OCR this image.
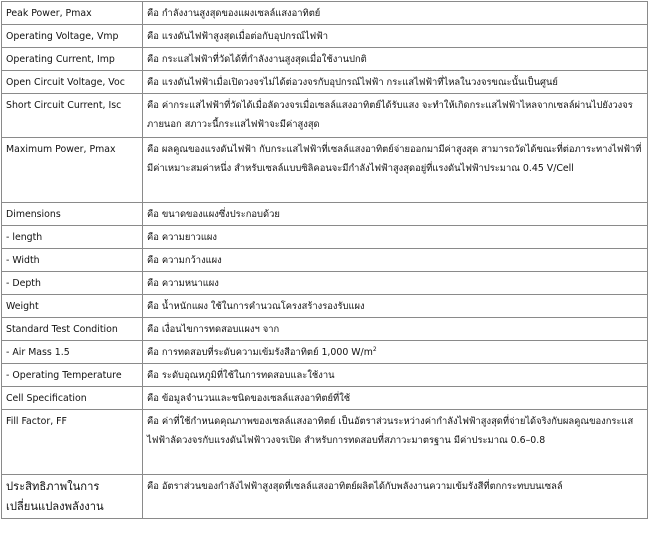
Peak Power, Pmax	คือ กำลังงานสูงสุดของแผงเซลล์แสงอาทิตย์
Operating Voltage, Vmp	คือ แรงดันไฟฟ้าสูงสุดเมื่อต่อกับอุปกรณ์ไฟฟ้า
Operating Current, Imp	คือ กระแสไฟฟ้าที่วัดได้ที่กำลังงานสูงสุดเมื่อใช้งานปกติ
Open Circuit Voltage, Voc	คือ แรงดันไฟฟ้าเมื่อเปิดวงจรไม่ได้ต่อวงจรกับอุปกรณ์ไฟฟ้า กระแสไฟฟ้าที่ไหลในวงจรขณะนั้นเป็นศูนย์
Short Circuit Current, Isc	คือ ค่ากระแสไฟฟ้าที่วัดได้เมื่อลัดวงจรเมื่อเซลล์แสงอาทิตย์ได้รับแสง จะทำให้เกิดกระแสไฟฟ้าไหลจากเซลล์ผ่านไปยังวงจรภายนอก สภาวะนี้กระแสไฟฟ้าจะมีค่าสูงสุด
Maximum Power, Pmax	คือ ผลคูณของแรงดันไฟฟ้า กับกระแสไฟฟ้าที่เซลล์แสงอาทิตย์จ่ายออกมามีค่าสูงสุด สามารถวัดได้ขณะที่ต่อภาระทางไฟฟ้าที่มีค่าเหมาะสมค่าหนึ่ง สำหรับเซลล์แบบซิลิคอนจะมีกำลังไฟฟ้าสูงสุดอยู่ที่แรงดันไฟฟ้าประมาณ 0.45 V/Cell
Dimensions	คือ ขนาดของแผงซึ่งประกอบด้วย
- length	คือ ความยาวแผง
- Width	คือ ความกว้างแผง
- Depth	คือ ความหนาแผง
Weight	คือ น้ำหนักแผง ใช้ในการคำนวณโครงสร้างรองรับแผง
Standard Test Condition	คือ เงื่อนไขการทดสอบแผงฯ จาก
- Air Mass 1.5	คือ การทดสอบที่ระดับความเข้มรังสีอาทิตย์ 1,000 $W/m^2$
- Operating Temperature	คือ ระดับอุณหภูมิที่ใช้ในการทดสอบและใช้งาน
Cell Specification	คือ ข้อมูลจำนวนและชนิดของเซลล์แสงอาทิตย์ที่ใช้
Fill Factor, FF	คือ ค่าที่ใช้กำหนดคุณภาพของเซลล์แสงอาทิตย์ เป็นอัตราส่วนระหว่างค่ากำลังไฟฟ้าสูงสุดที่จ่ายได้จริงกับผลคูณของกระแสไฟฟ้าลัดวงจรกับแรงดันไฟฟ้าวงจรเปิด สำหรับการทดสอบที่สภาวะมาตรฐาน มีค่าประมาณ 0.6–0.8
ประสิทธิภาพในการเปลี่ยนแปลงพลังงาน	คือ อัตราส่วนของกำลังไฟฟ้าสูงสุดที่เซลล์แสงอาทิตย์ผลิตได้กับพลังงานความเข้มรังสีที่ตกกระทบบนเซลล์
